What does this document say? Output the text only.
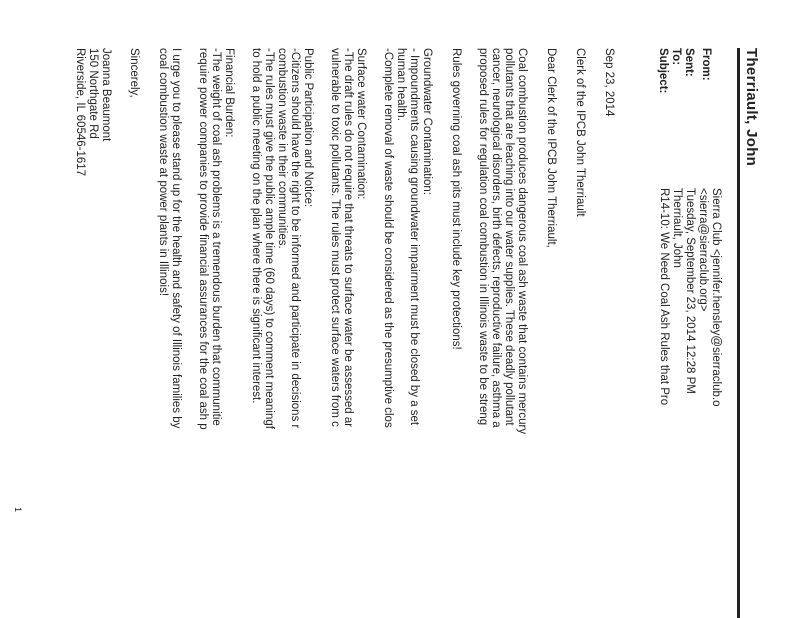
Therriault, John
From:
Sierra Club <jennifer.hensley@sierraclub.o
<sierra@sierraclub.org>
Sent:
Tuesday, September 23, 2014 12:28 PM
To:
Therriault, John
Subject:
R14-10: We Need Coal Ash Rules that Pro
Sep 23, 2014
Clerk of the IPCB John Therriault
Dear Clerk of the IPCB John Therriault,
Coal combustion produces dangerous coal ash waste that contains mercury
pollutants that are leaching into our water supplies. These deadly pollutant
cancer, neurological disorders, birth defects, reproductive failure, asthma a
proposed rules for regulation coal combustion in Illinois waste to be streng
Rules governing coal ash pits must include key protections!
Groundwater Contamination:
- Impoundments causing groundwater impairment must be closed by a set
human health.
-Complete removal of waste should be considered as the presumptive clos
Surface water Contamination:
-The draft rules do not require that threats to surface water be assessed ar
vulnerable to toxic pollutants. The rules must protect surface waters from c
Public Participation and Notice:
-Citizens should have the right to be informed and participate in decisions r
combustion waste in their communities.
-The rules must give the public ample time (60 days) to comment meaningf
to hold a public meeting on the plan where there is significant interest.
Financial Burden:
-The weight of coal ash problems is a tremendous burden that communitie
require power companies to provide financial assurances for the coal ash p
I urge you to please stand up for the health and safety of Illinois families by
coal combustion waste at power plants in Illinois!
Sincerely,
Joanna Beaumont
150 Northgate Rd
Riverside, IL 60546-1617
1
